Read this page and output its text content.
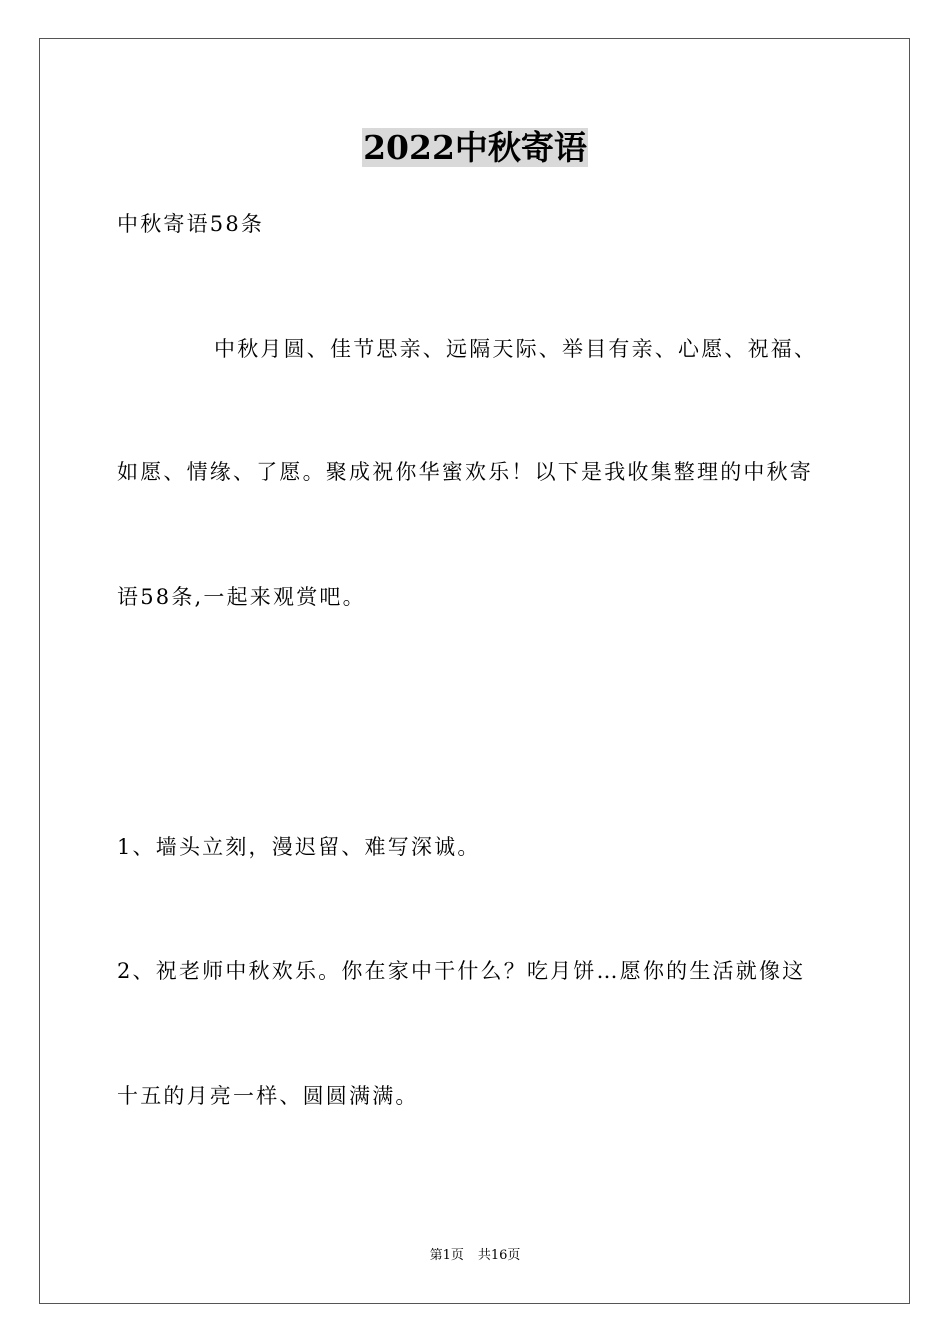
2022中秋寄语
中秋寄语58条
中秋月圆、佳节思亲、远隔天际、举目有亲、心愿、祝福、
如愿、情缘、了愿。聚成祝你华蜜欢乐！以下是我收集整理的中秋寄
语58条,一起来观赏吧。
1、墙头立刻，漫迟留、难写深诚。
2、祝老师中秋欢乐。你在家中干什么？吃月饼…愿你的生活就像这
十五的月亮一样、圆圆满满。
第1页 共16页
